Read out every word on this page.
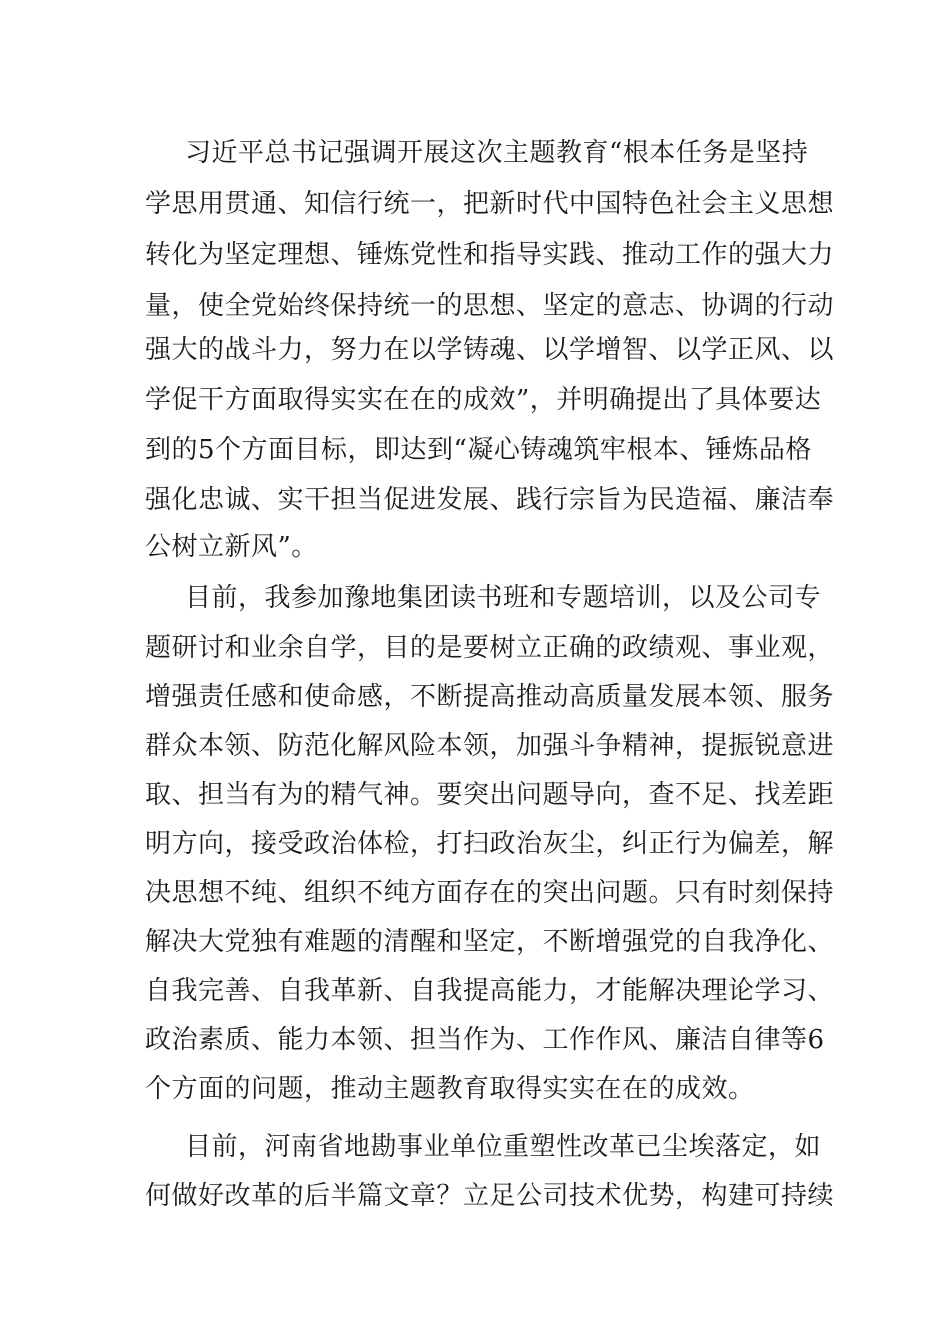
习近平总书记强调开展这次主题教育“根本任务是坚持
学思用贯通、知信行统一，把新时代中国特色社会主义思想
转化为坚定理想、锤炼党性和指导实践、推动工作的强大力
量，使全党始终保持统一的思想、坚定的意志、协调的行动
强大的战斗力，努力在以学铸魂、以学增智、以学正风、以
学促干方面取得实实在在的成效”，并明确提出了具体要达
到的5个方面目标，即达到“凝心铸魂筑牢根本、锤炼品格
强化忠诚、实干担当促进发展、践行宗旨为民造福、廉洁奉
公树立新风”。
目前，我参加豫地集团读书班和专题培训，以及公司专
题研讨和业余自学，目的是要树立正确的政绩观、事业观，
增强责任感和使命感，不断提高推动高质量发展本领、服务
群众本领、防范化解风险本领，加强斗争精神，提振锐意进
取、担当有为的精气神。要突出问题导向，查不足、找差距
明方向，接受政治体检，打扫政治灰尘，纠正行为偏差，解
决思想不纯、组织不纯方面存在的突出问题。只有时刻保持
解决大党独有难题的清醒和坚定，不断增强党的自我净化、
自我完善、自我革新、自我提高能力，才能解决理论学习、
政治素质、能力本领、担当作为、工作作风、廉洁自律等6
个方面的问题，推动主题教育取得实实在在的成效。
目前，河南省地勘事业单位重塑性改革已尘埃落定，如
何做好改革的后半篇文章？立足公司技术优势，构建可持续
